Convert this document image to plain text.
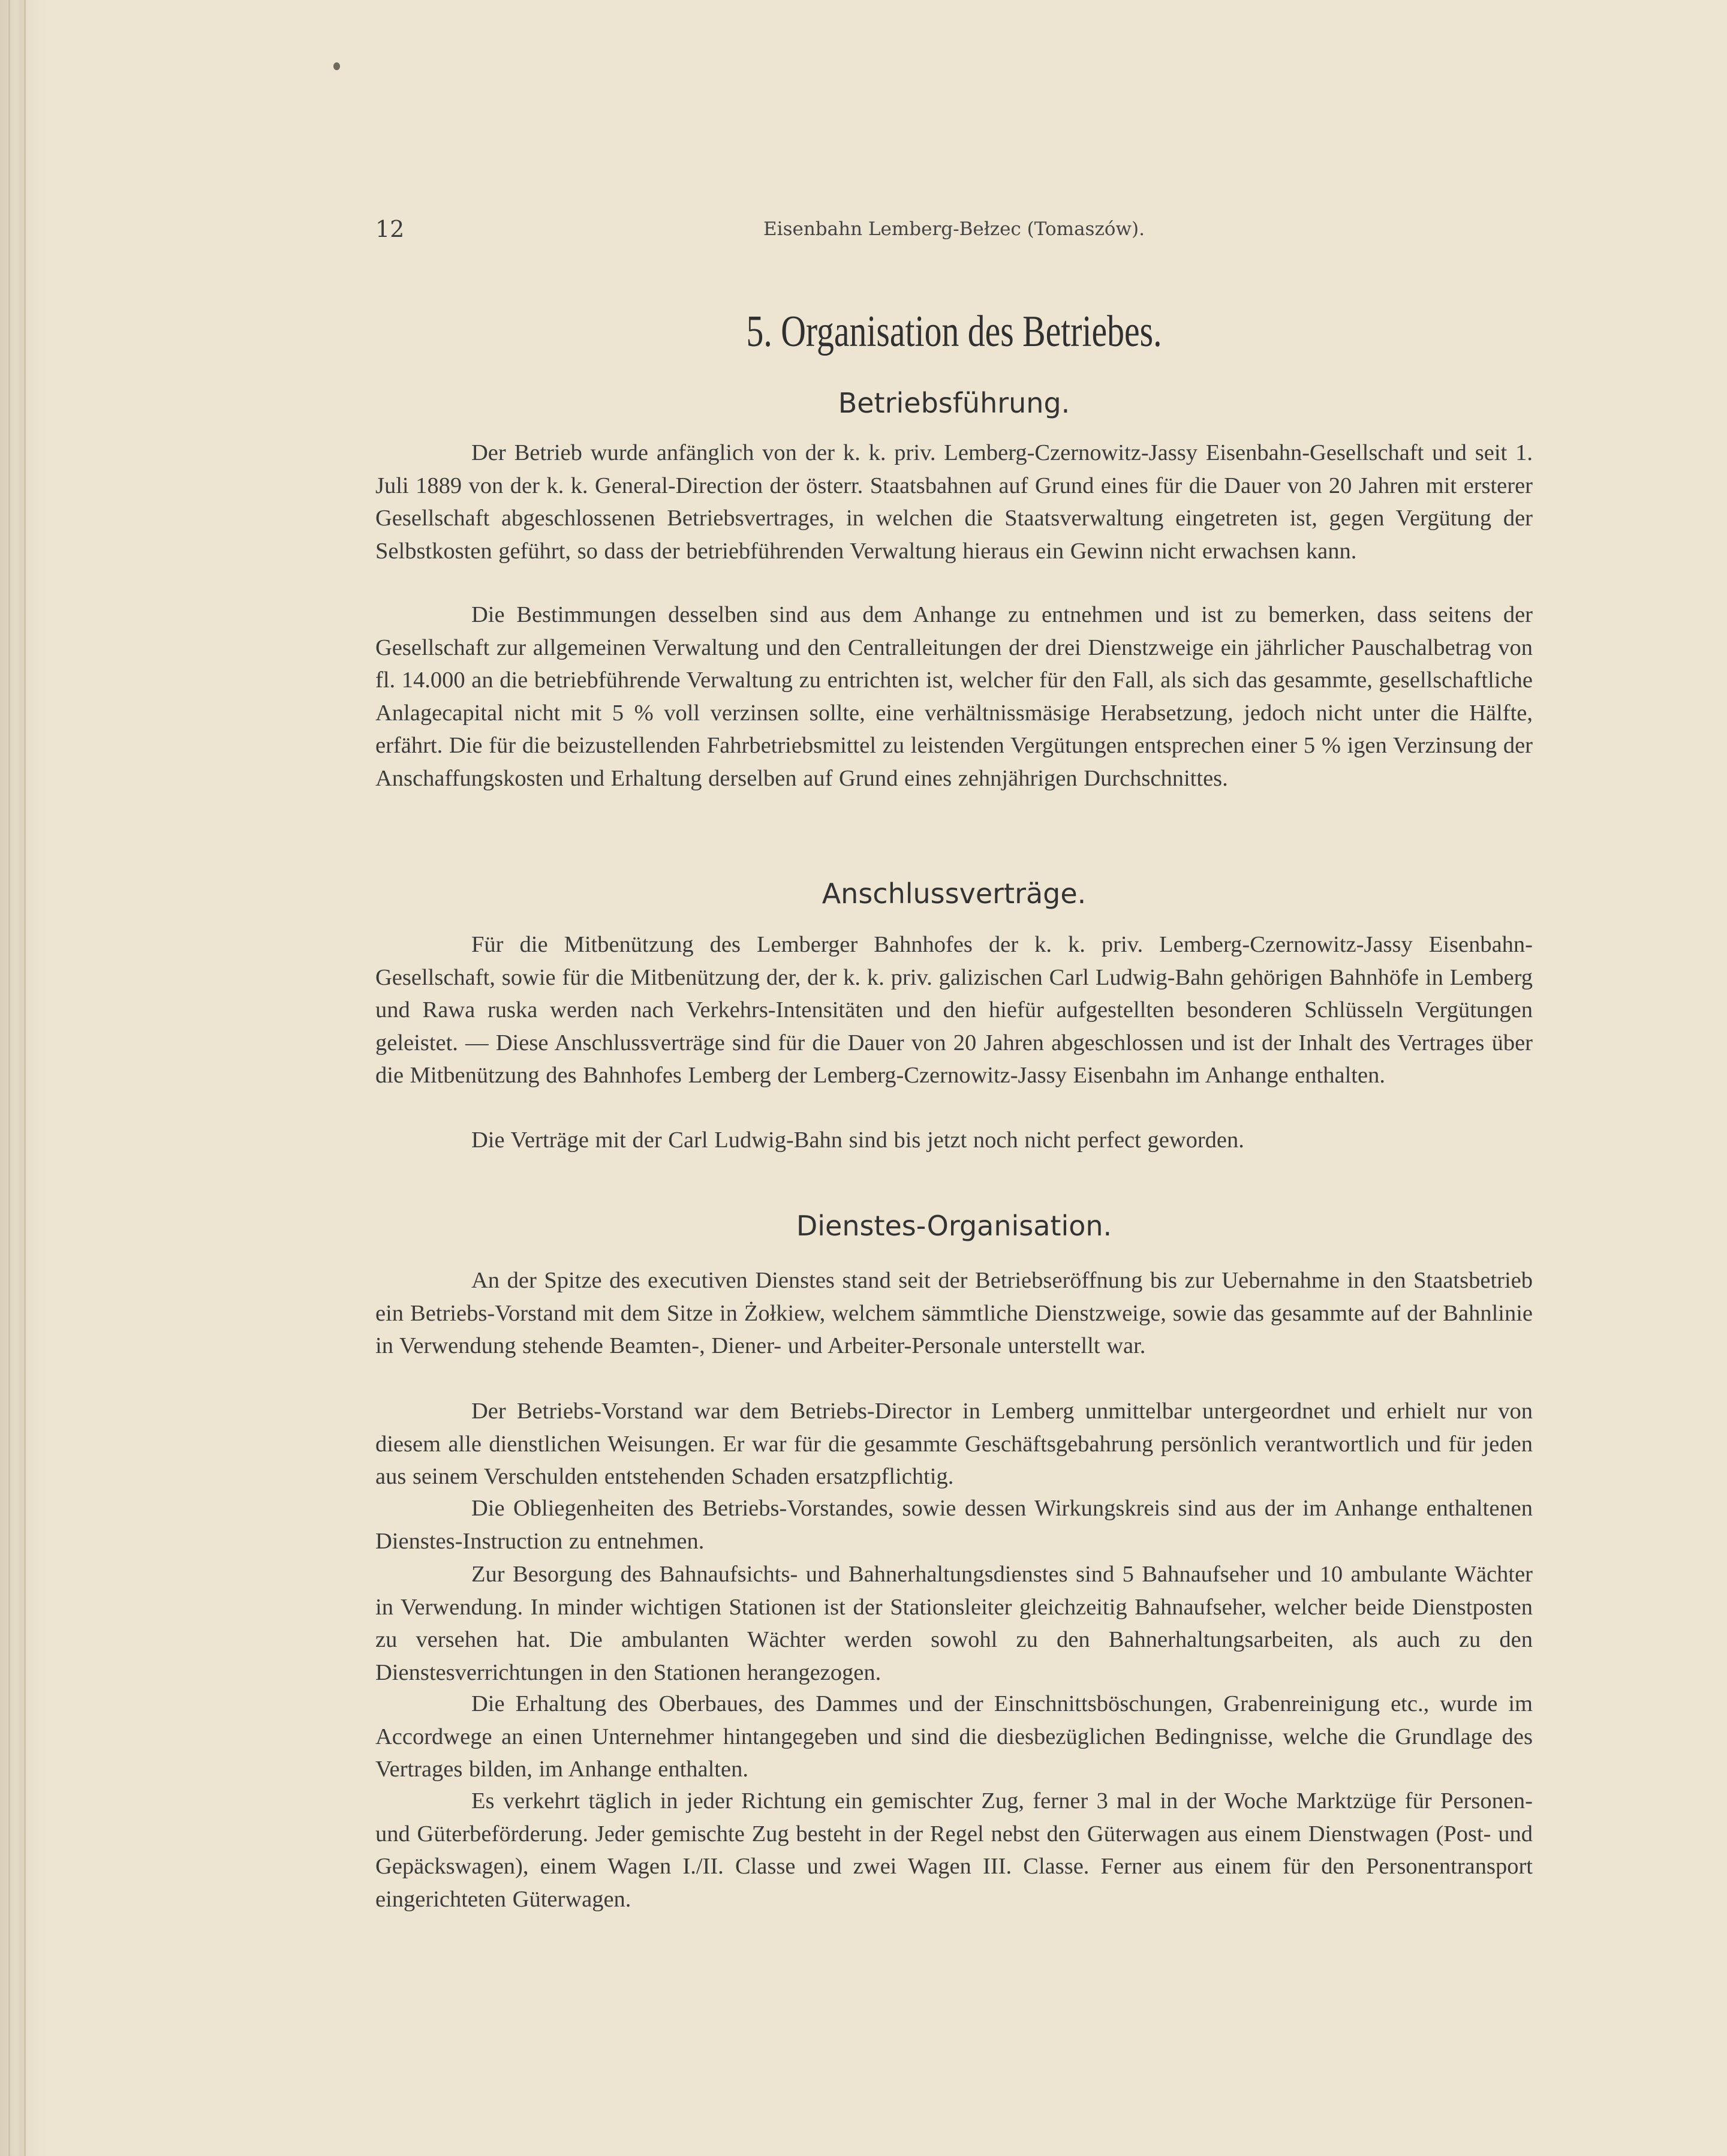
12	Eisenbahn Lemberg-Bełzec (Tomaszów).
5. Organisation des Betriebes.
Betriebsführung.

Der Betrieb wurde anfänglich von der k. k. priv. Lemberg-Czernowitz-Jassy Eisenbahn-Gesellschaft und seit 1. Juli 1889 von der k. k. General-Direction der österr. Staatsbahnen auf Grund eines für die Dauer von 20 Jahren mit ersterer Gesellschaft abgeschlossenen Betriebsvertrages, in welchen die Staatsverwaltung eingetreten ist, gegen Vergütung der Selbstkosten geführt, so dass der betriebführenden Verwaltung hieraus ein Gewinn nicht erwachsen kann.

Die Bestimmungen desselben sind aus dem Anhange zu entnehmen und ist zu bemerken, dass seitens der Gesellschaft zur allgemeinen Verwaltung und den Centralleitungen der drei Dienstzweige ein jährlicher Pauschalbetrag von fl. 14.000 an die betriebführende Verwaltung zu entrichten ist, welcher für den Fall, als sich das gesammte, gesellschaftliche Anlagecapital nicht mit 5 % voll verzinsen sollte, eine verhältnissmäsige Herabsetzung, jedoch nicht unter die Hälfte, erfährt. Die für die beizustellenden Fahrbetriebsmittel zu leistenden Vergütungen entsprechen einer 5 % igen Verzinsung der Anschaffungskosten und Erhaltung derselben auf Grund eines zehnjährigen Durchschnittes.

Anschlussverträge.

Für die Mitbenützung des Lemberger Bahnhofes der k. k. priv. Lemberg-Czernowitz-Jassy Eisenbahn-Gesellschaft, sowie für die Mitbenützung der, der k. k. priv. galizischen Carl Ludwig-Bahn gehörigen Bahnhöfe in Lemberg und Rawa ruska werden nach Verkehrs-Intensitäten und den hiefür aufgestellten besonderen Schlüsseln Vergütungen geleistet. — Diese Anschlussverträge sind für die Dauer von 20 Jahren abgeschlossen und ist der Inhalt des Vertrages über die Mitbenützung des Bahnhofes Lemberg der Lemberg-Czernowitz-Jassy Eisenbahn im Anhange enthalten.

Die Verträge mit der Carl Ludwig-Bahn sind bis jetzt noch nicht perfect geworden.

Dienstes-Organisation.

An der Spitze des executiven Dienstes stand seit der Betriebseröffnung bis zur Uebernahme in den Staatsbetrieb ein Betriebs-Vorstand mit dem Sitze in Żołkiew, welchem sämmtliche Dienstzweige, sowie das gesammte auf der Bahnlinie in Verwendung stehende Beamten-, Diener- und Arbeiter-Personale unterstellt war.

Der Betriebs-Vorstand war dem Betriebs-Director in Lemberg unmittelbar untergeordnet und erhielt nur von diesem alle dienstlichen Weisungen. Er war für die gesammte Geschäftsgebahrung persönlich verantwortlich und für jeden aus seinem Verschulden entstehenden Schaden ersatzpflichtig.

Die Obliegenheiten des Betriebs-Vorstandes, sowie dessen Wirkungskreis sind aus der im Anhange enthaltenen Dienstes-Instruction zu entnehmen.

Zur Besorgung des Bahnaufsichts- und Bahnerhaltungsdienstes sind 5 Bahnaufseher und 10 ambulante Wächter in Verwendung. In minder wichtigen Stationen ist der Stationsleiter gleichzeitig Bahnaufseher, welcher beide Dienstposten zu versehen hat. Die ambulanten Wächter werden sowohl zu den Bahnerhaltungsarbeiten, als auch zu den Dienstesverrichtungen in den Stationen herangezogen.

Die Erhaltung des Oberbaues, des Dammes und der Einschnittsböschungen, Grabenreinigung etc., wurde im Accordwege an einen Unternehmer hintangegeben und sind die diesbezüglichen Bedingnisse, welche die Grundlage des Vertrages bilden, im Anhange enthalten.

Es verkehrt täglich in jeder Richtung ein gemischter Zug, ferner 3 mal in der Woche Marktzüge für Personen- und Güterbeförderung. Jeder gemischte Zug besteht in der Regel nebst den Güterwagen aus einem Dienstwagen (Post- und Gepäckswagen), einem Wagen I./II. Classe und zwei Wagen III. Classe. Ferner aus einem für den Personentransport eingerichteten Güterwagen.
